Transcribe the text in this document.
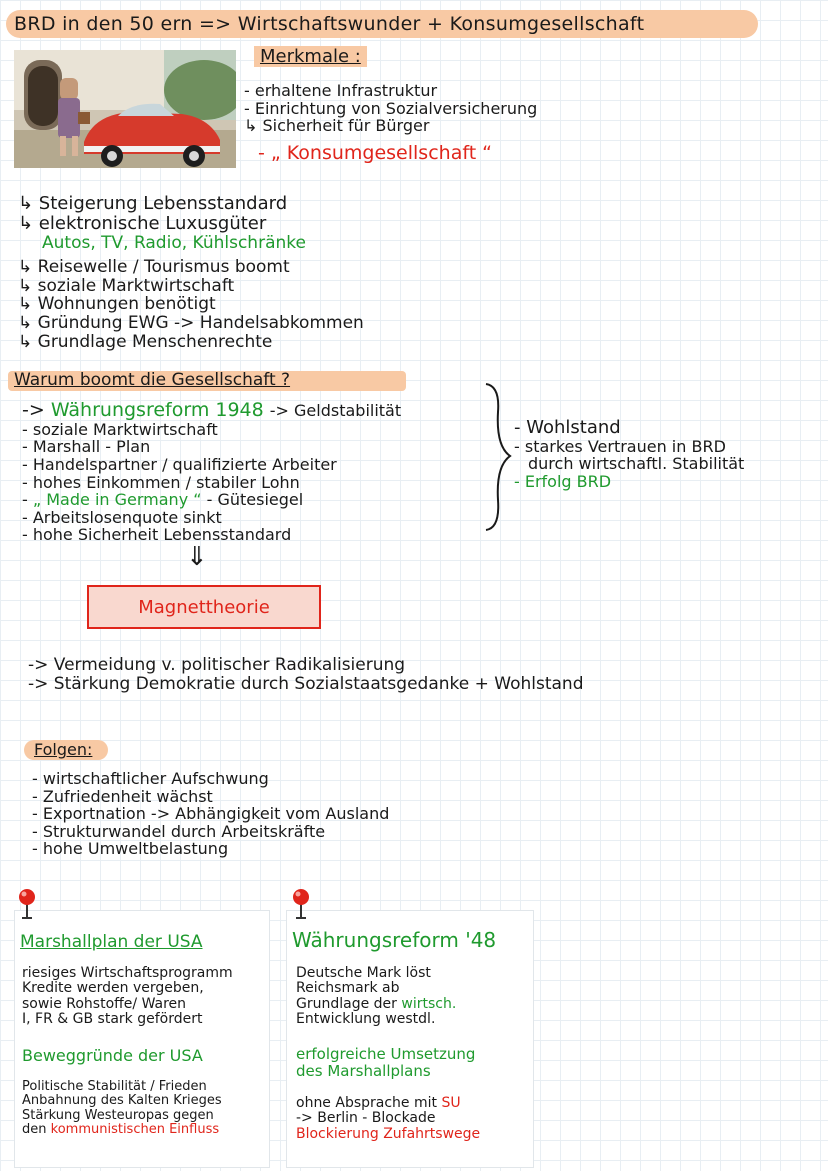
BRD in den 50 ern => Wirtschaftswunder + Konsumgesellschaft
Merkmale :
- erhaltene Infrastruktur
- Einrichtung von Sozialversicherung
↳ Sicherheit für Bürger
- „ Konsumgesellschaft “
↳ Steigerung Lebensstandard
↳ elektronische Luxusgüter
Autos, TV, Radio, Kühlschränke
↳ Reisewelle / Tourismus boomt
↳ soziale Marktwirtschaft
↳ Wohnungen benötigt
↳ Gründung EWG -> Handelsabkommen
↳ Grundlage Menschenrechte
Warum boomt die Gesellschaft ?
-> Währungsreform 1948 -> Geldstabilität
- soziale Marktwirtschaft
- Marshall - Plan
- Handelspartner / qualifizierte Arbeiter
- hohes Einkommen / stabiler Lohn
- „ Made in Germany “ - Gütesiegel
- Arbeitslosenquote sinkt
- hohe Sicherheit Lebensstandard
- Wohlstand
- starkes Vertrauen in BRD
durch wirtschaftl. Stabilität
- Erfolg BRD
⇓
Magnettheorie
-> Vermeidung v. politischer Radikalisierung
-> Stärkung Demokratie durch Sozialstaatsgedanke + Wohlstand
Folgen:
- wirtschaftlicher Aufschwung
- Zufriedenheit wächst
- Exportnation -> Abhängigkeit vom Ausland
- Strukturwandel durch Arbeitskräfte
- hohe Umweltbelastung
Marshallplan der USA
riesiges Wirtschaftsprogramm
Kredite werden vergeben,
sowie Rohstoffe/ Waren
I, FR & GB stark gefördert
Beweggründe der USA
Politische Stabilität / Frieden
Anbahnung des Kalten Krieges
Stärkung Westeuropas gegen
den kommunistischen Einfluss
Währungsreform '48
Deutsche Mark löst
Reichsmark ab
Grundlage der wirtsch.
Entwicklung westdl.
erfolgreiche Umsetzung
des Marshallplans
ohne Absprache mit SU
-> Berlin - Blockade
Blockierung Zufahrtswege
